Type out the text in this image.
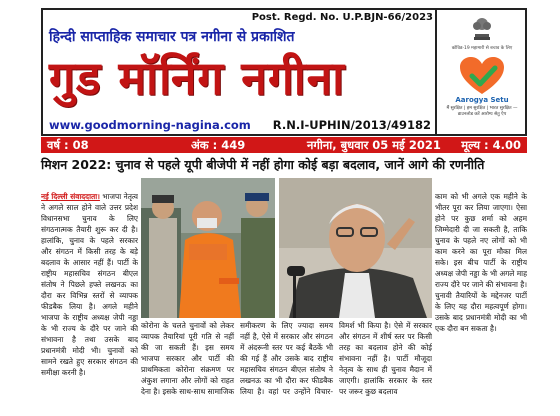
Post. Regd. No. U.P.BJN-66/2023
हिन्दी साप्ताहिक समाचार पत्र नगीना से प्रकाशित
गुड मॉर्निंग नगीना
www.goodmorning-nagina.com R.N.I-UPHIN/2013/49182
कोविड-19 महामारी से बचाव के लिए
Aarogya Setu
मैं सुरक्षित | हम सुरक्षित | भारत सुरक्षित — डाउनलोड करें आरोग्य सेतु ऐप
वर्ष : 08	अंक : 449	नगीना, बुधवार 05 मई 2021 मूल्य : 4.00
मिशन 2022: चुनाव से पहले यूपी बीजेपी में नहीं होगा कोई बड़ा बदलाव, जानें आगे की रणनीति
नई दिल्ली संवाददाता। भाजपा नेतृत्व ने अगले साल होने वाले उत्तर प्रदेश विधानसभा चुनाव के लिए संगठनात्मक तैयारी शुरू कर दी है। हालांकि, चुनाव के पहले सरकार और संगठन में किसी तरह के बड़े बदलाव के आसार नहीं हैं। पार्टी के राष्ट्रीय महासचिव संगठन बीएल संतोष ने पिछले हफ्ते लखनऊ का दौरा कर विभिन्न स्तरों से व्यापक फीडबैक लिया है। अगले महीने भाजपा के राष्ट्रीय अध्यक्ष जेपी नड्डा के भी राज्य के दौरे पर जाने की संभावना है तथा उसके बाद प्रधानमंत्री मोदी भी। चुनावों को सामने रखते हुए सरकार संगठन की समीक्षा करनी है।
कोरोना के चलते चुनावों को लेकर व्यापक तैयारियां पूरी गति से नहीं की जा सकती हैं। इस समय भाजपा सरकार और पार्टी की प्राथमिकता कोरोना संक्रमण पर अंकुश लगाना और लोगों को राहत देना है। इसके साथ-साथ सामाजिक समीकरण के लिए ज्यादा समय नहीं है, ऐसे में सरकार और संगठन में अंदरूनी स्तर पर कई बैठकें भी की गई हैं और उसके बाद राष्ट्रीय महासचिव संगठन बीएल संतोष ने लखनऊ का भी दौरा कर फीडबैक लिया है। वहां पर उन्होंने विचार-विमर्श भी किया है। ऐसे में सरकार और संगठन में शीर्ष स्तर पर किसी तरह का बदलाव होने की कोई संभावना नहीं है। पार्टी मौजूदा नेतृत्व के साथ ही चुनाव मैदान में जाएगी। हालांकि सरकार के स्तर पर जरूर कुछ बदलाव
काम को भी अगले एक महीने के भीतर पूरा कर लिया जाएगा। ऐसा होने पर कुछ शर्मा को अहम जिम्मेदारी दी जा सकती है, ताकि चुनाव के पहले नए लोगों को भी काम करने का पूरा मौका मिल सके। इस बीच पार्टी के राष्ट्रीय अध्यक्ष जेपी नड्डा के भी अगले माह राज्य दौरे पर जाने की संभावना है। चुनावी तैयारियों के मद्देनजर पार्टी के लिए यह दौरा महत्वपूर्ण होगा। उसके बाद प्रधानमंत्री मोदी का भी एक दौरा बन सकता है।
